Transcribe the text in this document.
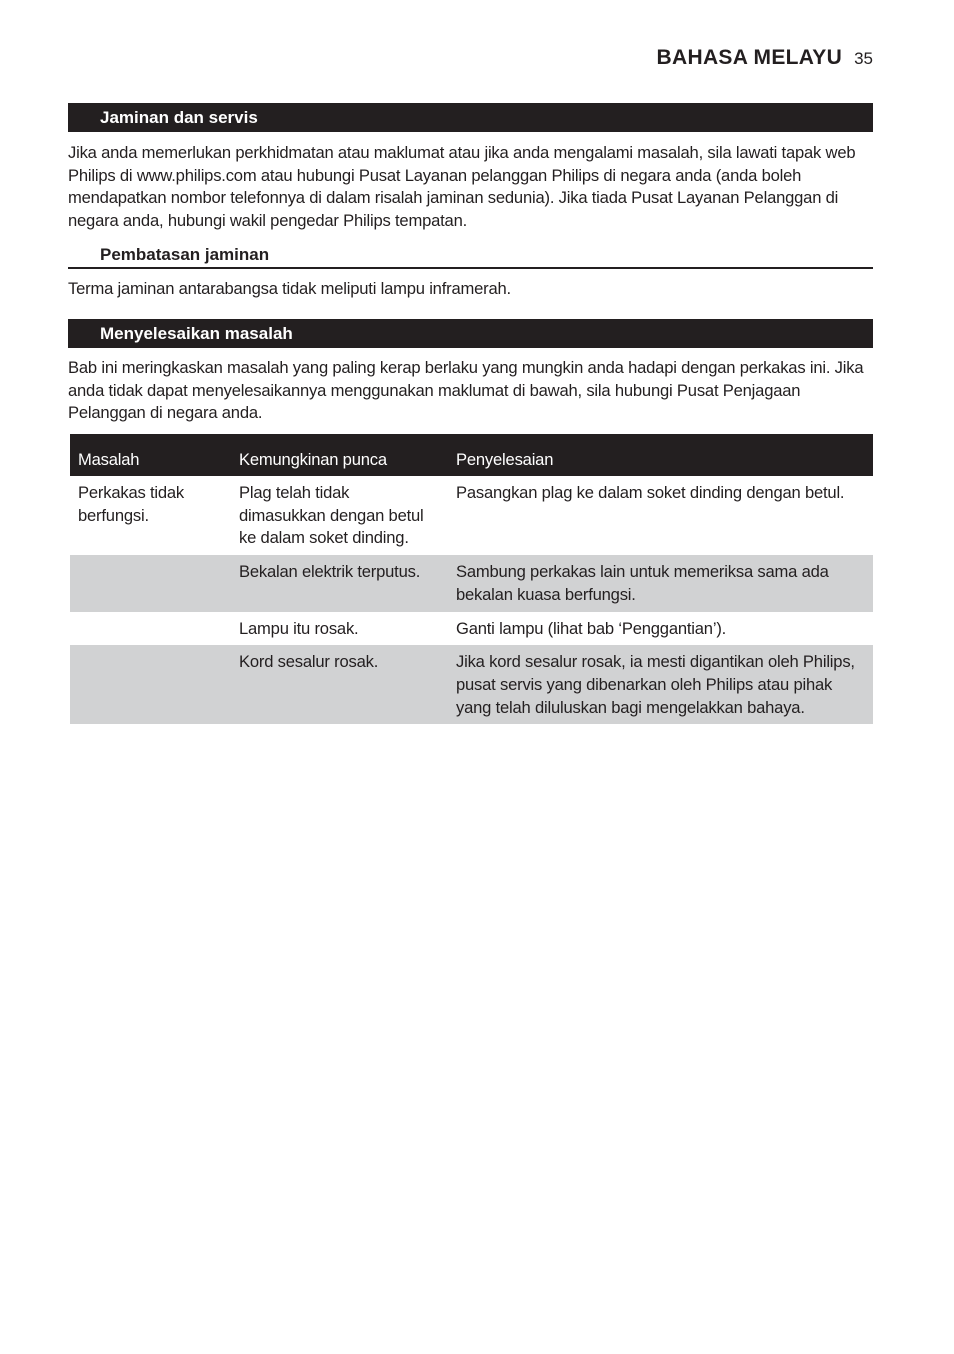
BAHASA MELAYU 35
Jaminan dan servis

Jika anda memerlukan perkhidmatan atau maklumat atau jika anda mengalami masalah, sila lawati tapak web Philips di www.philips.com atau hubungi Pusat Layanan pelanggan Philips di negara anda (anda boleh mendapatkan nombor telefonnya di dalam risalah jaminan sedunia). Jika tiada Pusat Layanan Pelanggan di negara anda, hubungi wakil pengedar Philips tempatan.

Pembatasan jaminan

Terma jaminan antarabangsa tidak meliputi lampu inframerah.

Menyelesaikan masalah

Bab ini meringkaskan masalah yang paling kerap berlaku yang mungkin anda hadapi dengan perkakas ini. Jika anda tidak dapat menyelesaikannya menggunakan maklumat di bawah, sila hubungi Pusat Penjagaan Pelanggan di negara anda.

Masalah	Kemungkinan punca	Penyelesaian
Perkakas tidak berfungsi.	Plag telah tidak dimasukkan dengan betul ke dalam soket dinding.	Pasangkan plag ke dalam soket dinding dengan betul.
	Bekalan elektrik terputus.	Sambung perkakas lain untuk memeriksa sama ada bekalan kuasa berfungsi.
	Lampu itu rosak.	Ganti lampu (lihat bab ‘Penggantian’).
	Kord sesalur rosak.	Jika kord sesalur rosak, ia mesti digantikan oleh Philips, pusat servis yang dibenarkan oleh Philips atau pihak yang telah diluluskan bagi mengelakkan bahaya.
